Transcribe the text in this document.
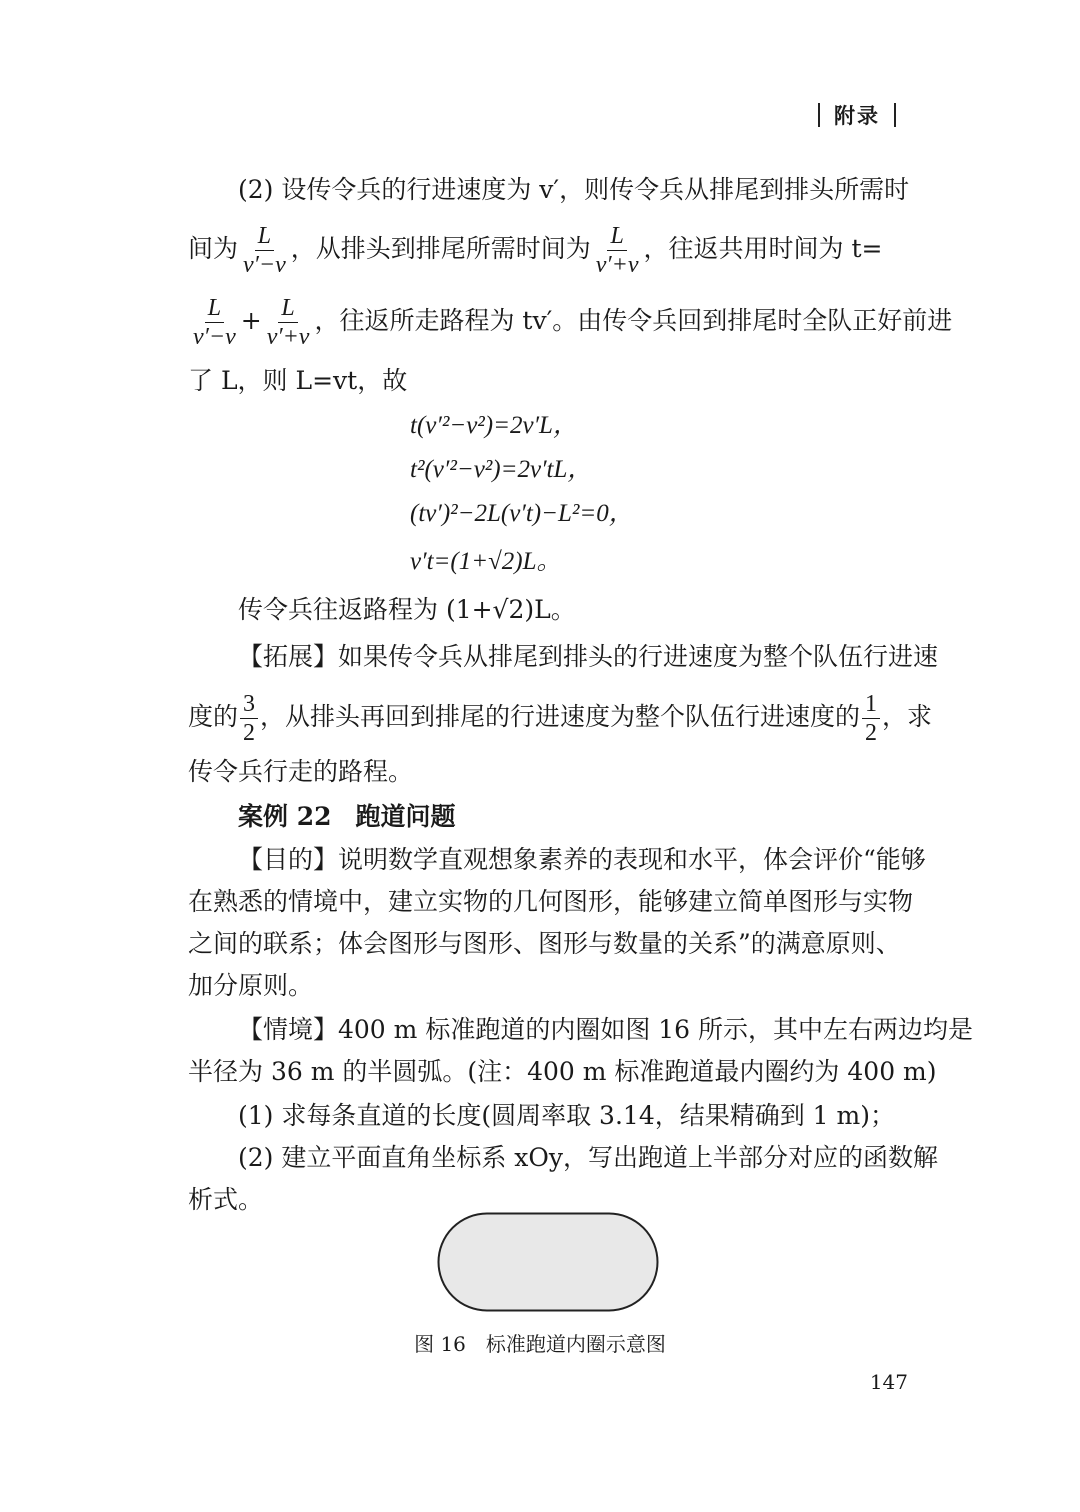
附录
(2) 设传令兵的行进速度为 v′，则传令兵从排尾到排头所需时
间为 $\frac{L}{v'-v}$ ，从排头到排尾所需时间为 $\frac{L}{v'+v}$ ，往返共用时间为 t=
$\frac{L}{v'-v} + \frac{L}{v'+v}$ ，往返所走路程为 tv′。由传令兵回到排尾时全队正好前进
了 L，则 L=vt，故
t(v′²−v²)=2v′L，
t²(v′²−v²)=2v′tL，
(tv′)²−2L(v′t)−L²=0，
v′t=(1+√2)L。
传令兵往返路程为 (1+√2)L。
【拓展】如果传令兵从排尾到排头的行进速度为整个队伍行进速
度的 $\frac{3}{2}$ ，从排头再回到排尾的行进速度为整个队伍行进速度的 $\frac{1}{2}$ ，求
传令兵行走的路程。
案例 22 跑道问题
【目的】说明数学直观想象素养的表现和水平，体会评价“能够
在熟悉的情境中，建立实物的几何图形，能够建立简单图形与实物
之间的联系；体会图形与图形、图形与数量的关系”的满意原则、
加分原则。
【情境】400 m 标准跑道的内圈如图 16 所示，其中左右两边均是
半径为 36 m 的半圆弧。(注：400 m 标准跑道最内圈约为 400 m)
(1) 求每条直道的长度(圆周率取 3.14，结果精确到 1 m)；
(2) 建立平面直角坐标系 xOy，写出跑道上半部分对应的函数解
析式。
图 16　标准跑道内圈示意图
147
